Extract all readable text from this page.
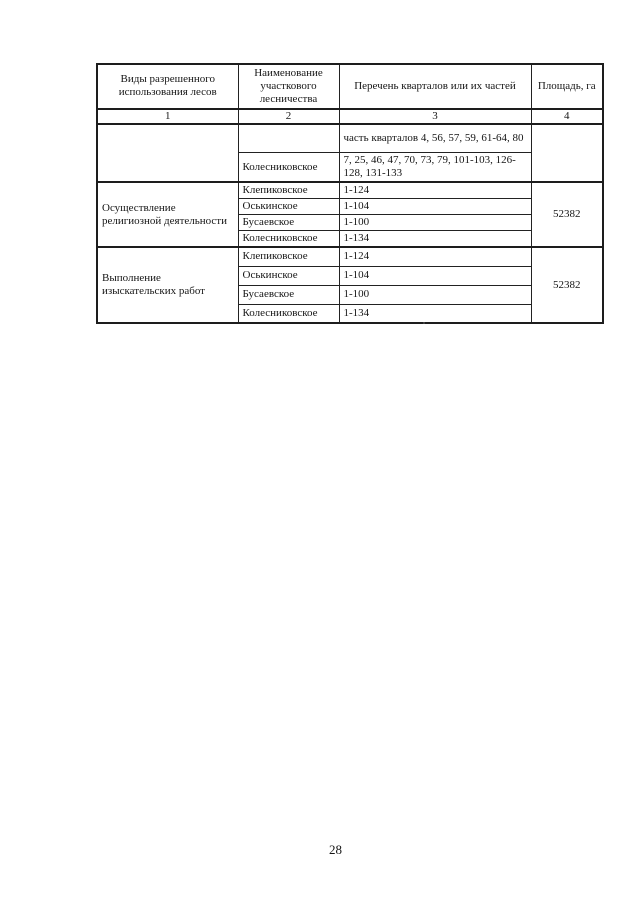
Виды разрешенного использования лесов	Наименование участкового лесничества	Перечень кварталов или их частей	Площадь, га
1	2	3	4
		часть кварталов 4, 56, 57, 59, 61-64, 80	
	Колесниковское	7, 25, 46, 47, 70, 73, 79, 101-103, 126-128, 131-133	
Осуществление религиозной деятельности	Клепиковское	1-124	52382
	Оськинское	1-104	
	Бусаевское	1-100	
	Колесниковское	1-134	
Выполнение изыскательских работ	Клепиковское	1-124	52382
	Оськинское	1-104	
	Бусаевское	1-100	
	Колесниковское	1-134	
28
